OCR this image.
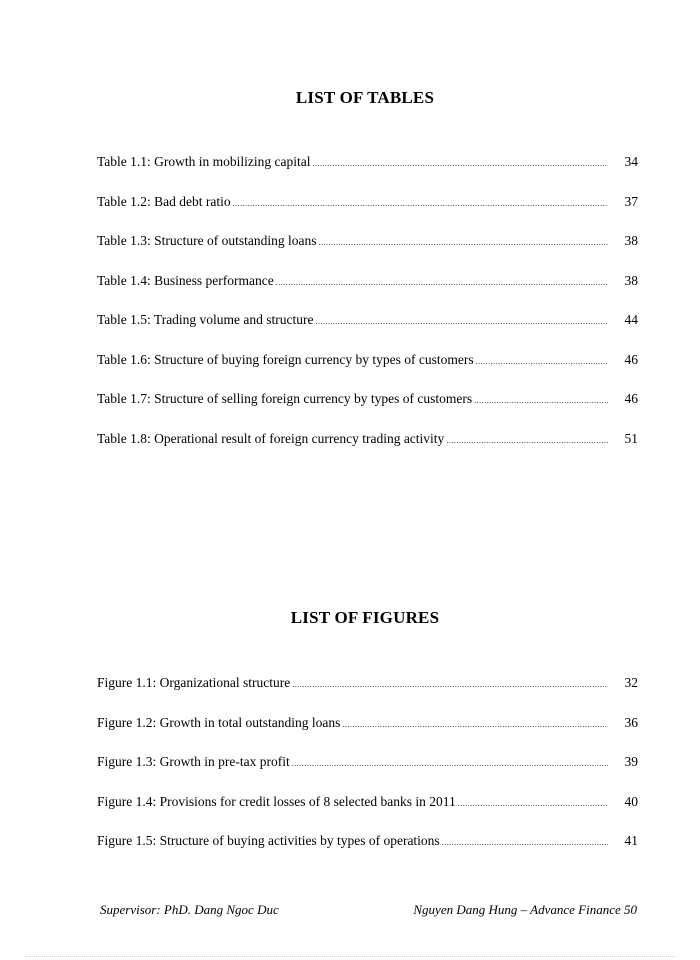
LIST OF TABLES
Table 1.1: Growth in mobilizing capital .....	34
Table 1.2: Bad debt ratio .....	37
Table 1.3: Structure of outstanding loans .....	38
Table 1.4: Business performance .....	38
Table 1.5: Trading volume and structure .....	44
Table 1.6: Structure of buying foreign currency by types of customers .....	46
Table 1.7: Structure of selling foreign currency by types of customers .....	46
Table 1.8: Operational result of foreign currency trading activity .....	51
LIST OF FIGURES
Figure 1.1: Organizational structure .....	32
Figure 1.2: Growth in total outstanding loans .....	36
Figure 1.3: Growth in pre-tax profit .....	39
Figure 1.4: Provisions for credit losses of 8 selected banks in 2011 .....	40
Figure 1.5: Structure of buying activities by types of operations .....	41
Supervisor: PhD. Dang Ngoc Duc	Nguyen Dang Hung – Advance Finance 50
